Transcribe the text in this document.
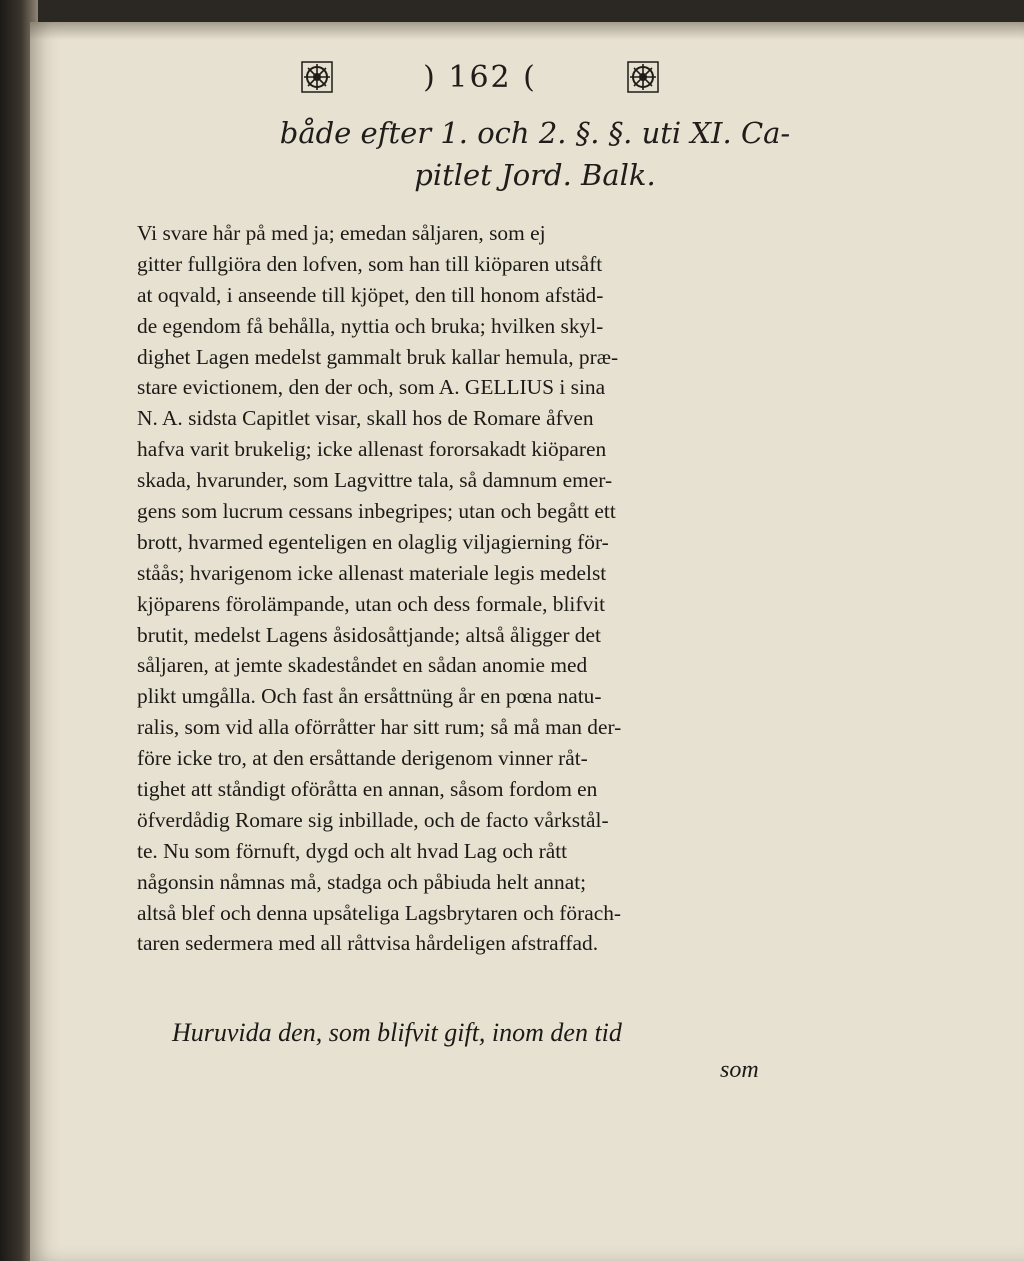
) 162 (
både efter 1. och 2. §. §. uti XI. Ca-
pitlet Jord. Balk.
Vi svare hår på med ja; emedan såljaren, som ej
gitter fullgiöra den lofven, som han till kiöparen utsåft
at oqvald, i anseende till kjöpet, den till honom afstäd-
de egendom få behålla, nyttia och bruka; hvilken skyl-
dighet Lagen medelst gammalt bruk kallar hemula, præ-
stare evictionem, den der och, som A. GELLIUS i sina
N. A. sidsta Capitlet visar, skall hos de Romare åfven
hafva varit brukelig; icke allenast fororsakadt kiöparen
skada, hvarunder, som Lagvittre tala, så damnum emer-
gens som lucrum cessans inbegripes; utan och begått ett
brott, hvarmed egenteligen en olaglig viljagierning för-
ståås; hvarigenom icke allenast materiale legis medelst
kjöparens förolämpande, utan och dess formale, blifvit
brutit, medelst Lagens åsidosåttjande; altså åligger det
såljaren, at jemte skadeståndet en sådan anomie med
plikt umgålla. Och fast ån ersåttnüng år en pœna natu-
ralis, som vid alla oförråtter har sitt rum; så må man der-
före icke tro, at den ersåttande derigenom vinner råt-
tighet att ståndigt oföråtta en annan, såsom fordom en
öfverdådig Romare sig inbillade, och de facto vårkstål-
te. Nu som förnuft, dygd och alt hvad Lag och rått
någonsin nåmnas må, stadga och påbiuda helt annat;
altså blef och denna upsåteliga Lagsbrytaren och förach-
taren sedermera med all råttvisa hårdeligen afstraffad.
Huruvida den, som blifvit gift, inom den tid
som
